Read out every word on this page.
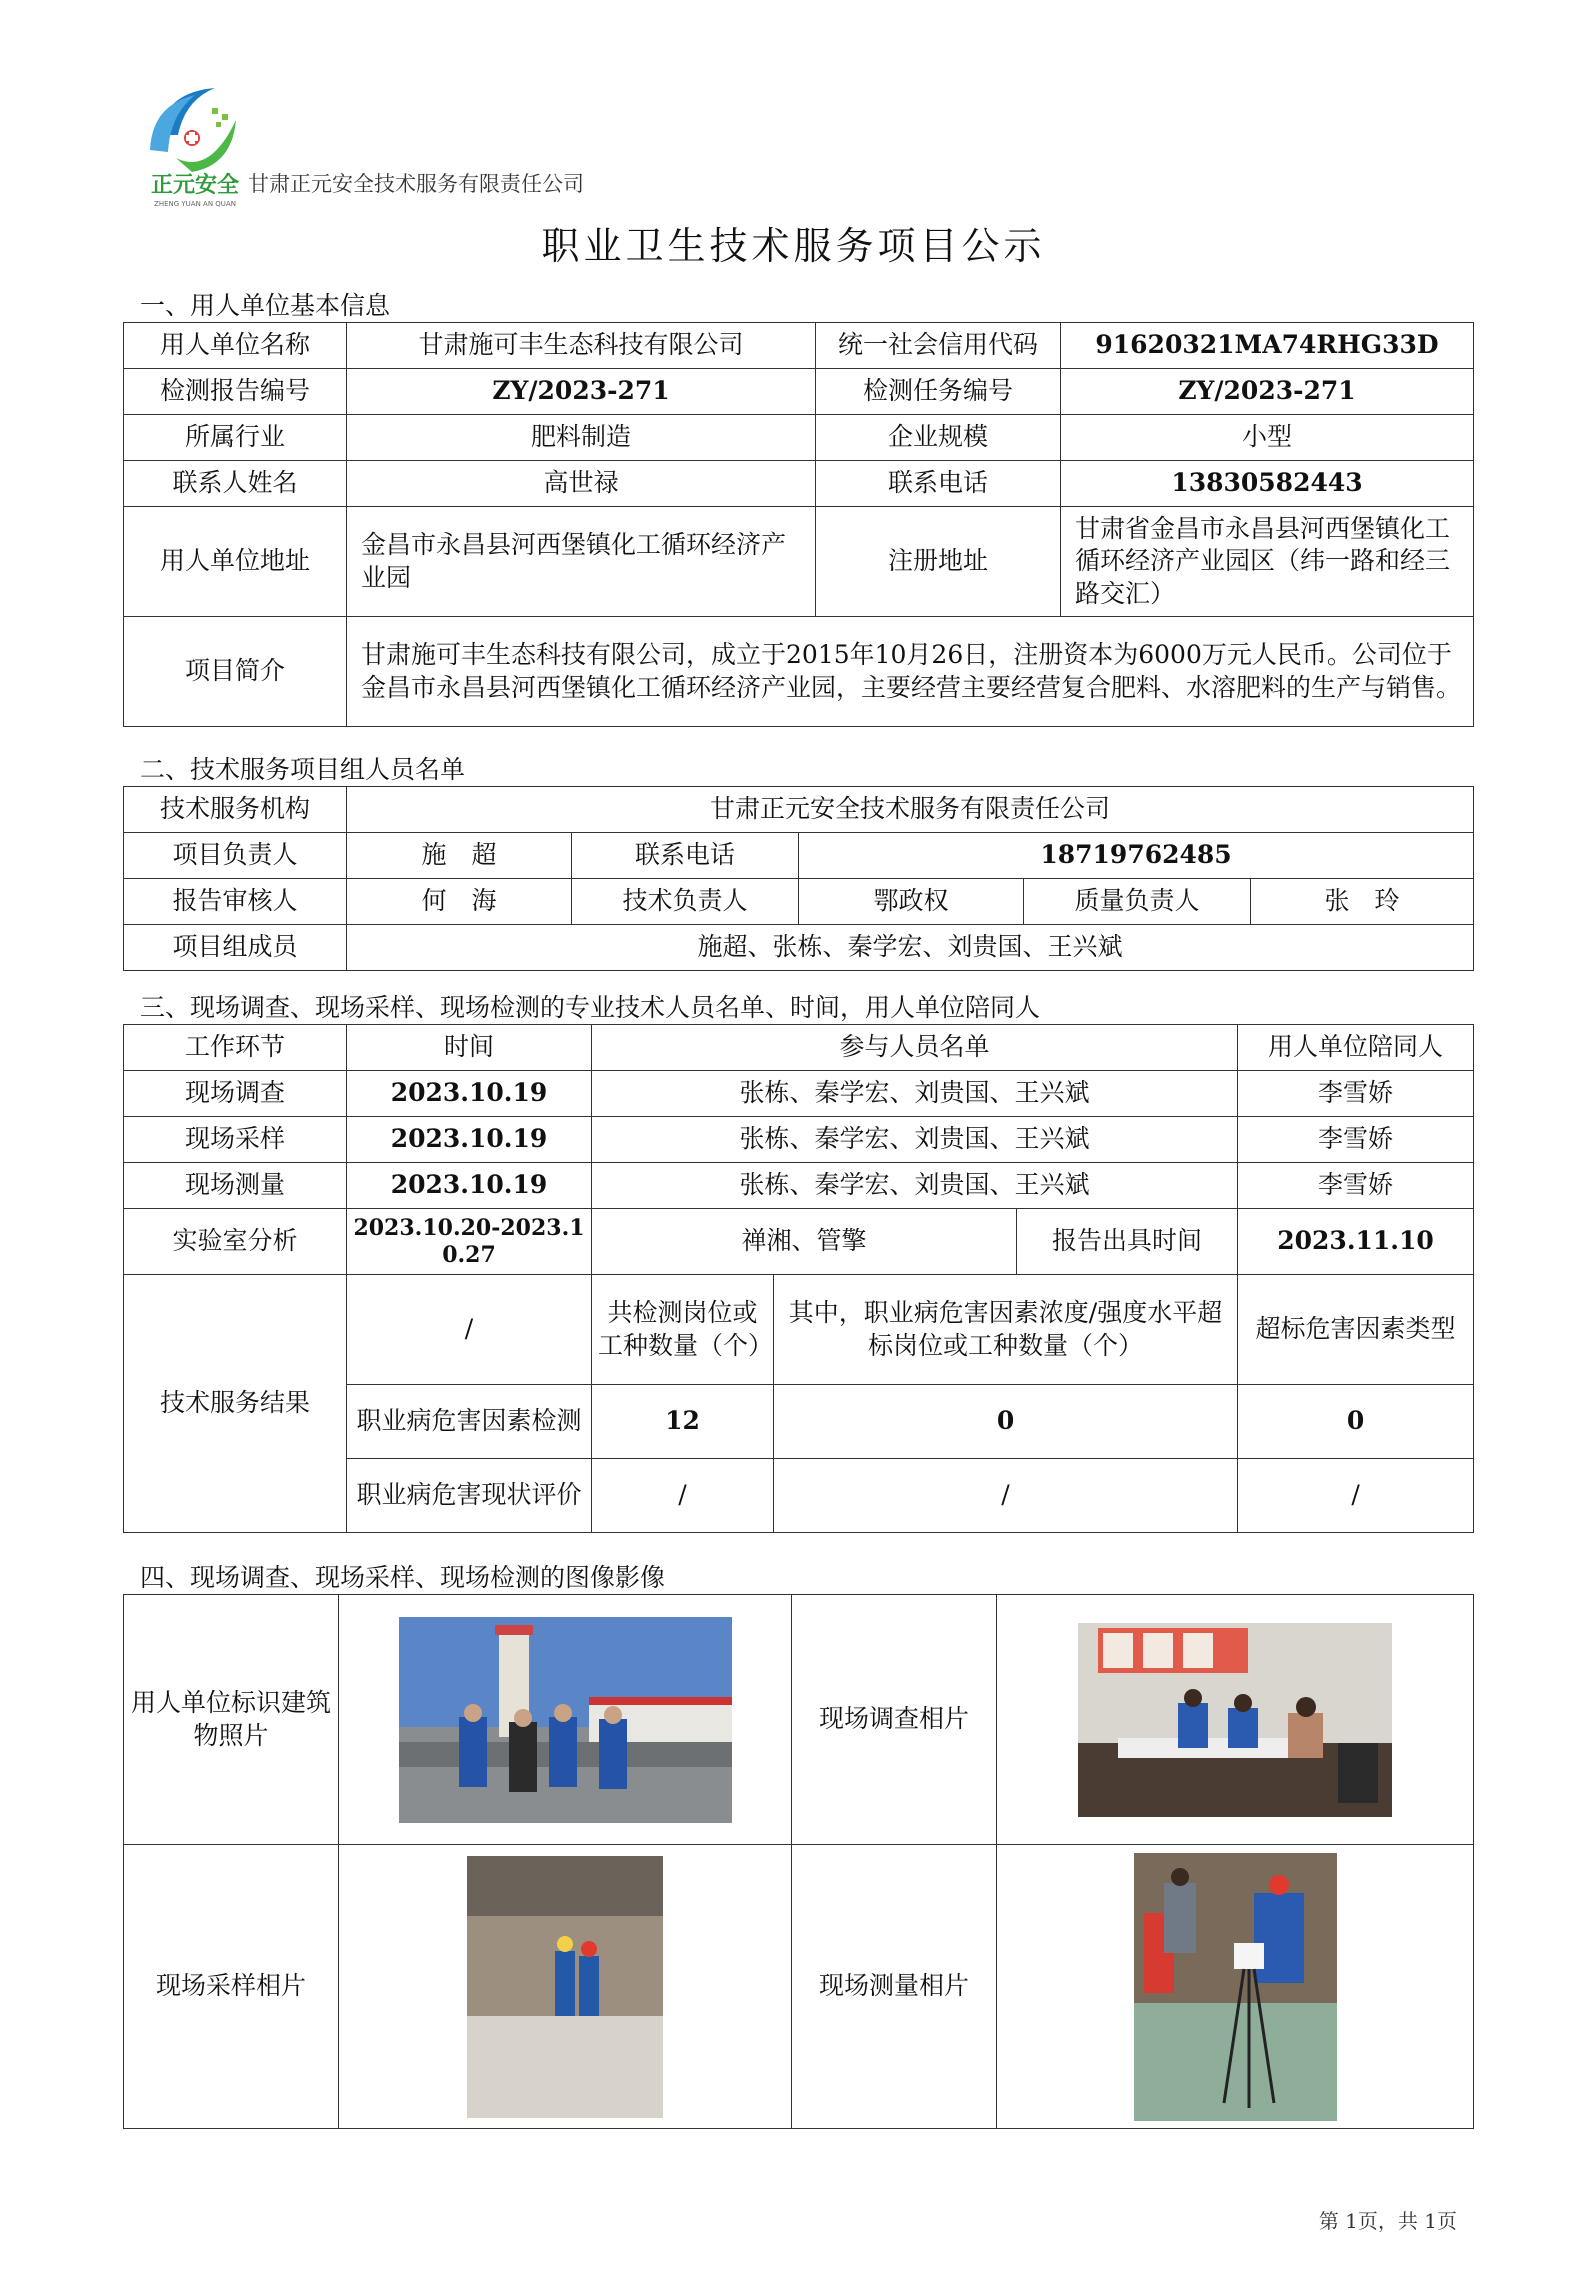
正元安全
ZHENG YUAN AN QUAN
甘肃正元安全技术服务有限责任公司
职业卫生技术服务项目公示
一、用人单位基本信息
用人单位名称	甘肃施可丰生态科技有限公司	统一社会信用代码	91620321MA74RHG33D
检测报告编号	ZY/2023-271	检测任务编号	ZY/2023-271
所属行业	肥料制造	企业规模	小型
联系人姓名	高世禄	联系电话	13830582443
用人单位地址	金昌市永昌县河西堡镇化工循环经济产业园	注册地址	甘肃省金昌市永昌县河西堡镇化工循环经济产业园区（纬一路和经三路交汇）
项目简介	甘肃施可丰生态科技有限公司，成立于2015年10月26日，注册资本为6000万元人民币。公司位于金昌市永昌县河西堡镇化工循环经济产业园，主要经营主要经营复合肥料、水溶肥料的生产与销售。		
二、技术服务项目组人员名单
技术服务机构	甘肃正元安全技术服务有限责任公司				
项目负责人	施　超	联系电话	18719762485		
报告审核人	何　海	技术负责人	鄂政权	质量负责人	张　玲
项目组成员	施超、张栋、秦学宏、刘贵国、王兴斌				
三、现场调查、现场采样、现场检测的专业技术人员名单、时间，用人单位陪同人
工作环节	时间	参与人员名单			用人单位陪同人
现场调查	2023.10.19	张栋、秦学宏、刘贵国、王兴斌			李雪娇
现场采样	2023.10.19	张栋、秦学宏、刘贵国、王兴斌			李雪娇
现场测量	2023.10.19	张栋、秦学宏、刘贵国、王兴斌			李雪娇
实验室分析	2023.10.20-2023.10.27	禅湘、管擎		报告出具时间	2023.11.10
技术服务结果	/	共检测岗位或工种数量（个）	其中，职业病危害因素浓度/强度水平超标岗位或工种数量（个）		超标危害因素类型
	职业病危害因素检测	12	0		0
	职业病危害现状评价	/	/		/
四、现场调查、现场采样、现场检测的图像影像
用人单位标识建筑物照片		现场调查相片	

现场采样相片		现场测量相片	
第 1页，共 1页
